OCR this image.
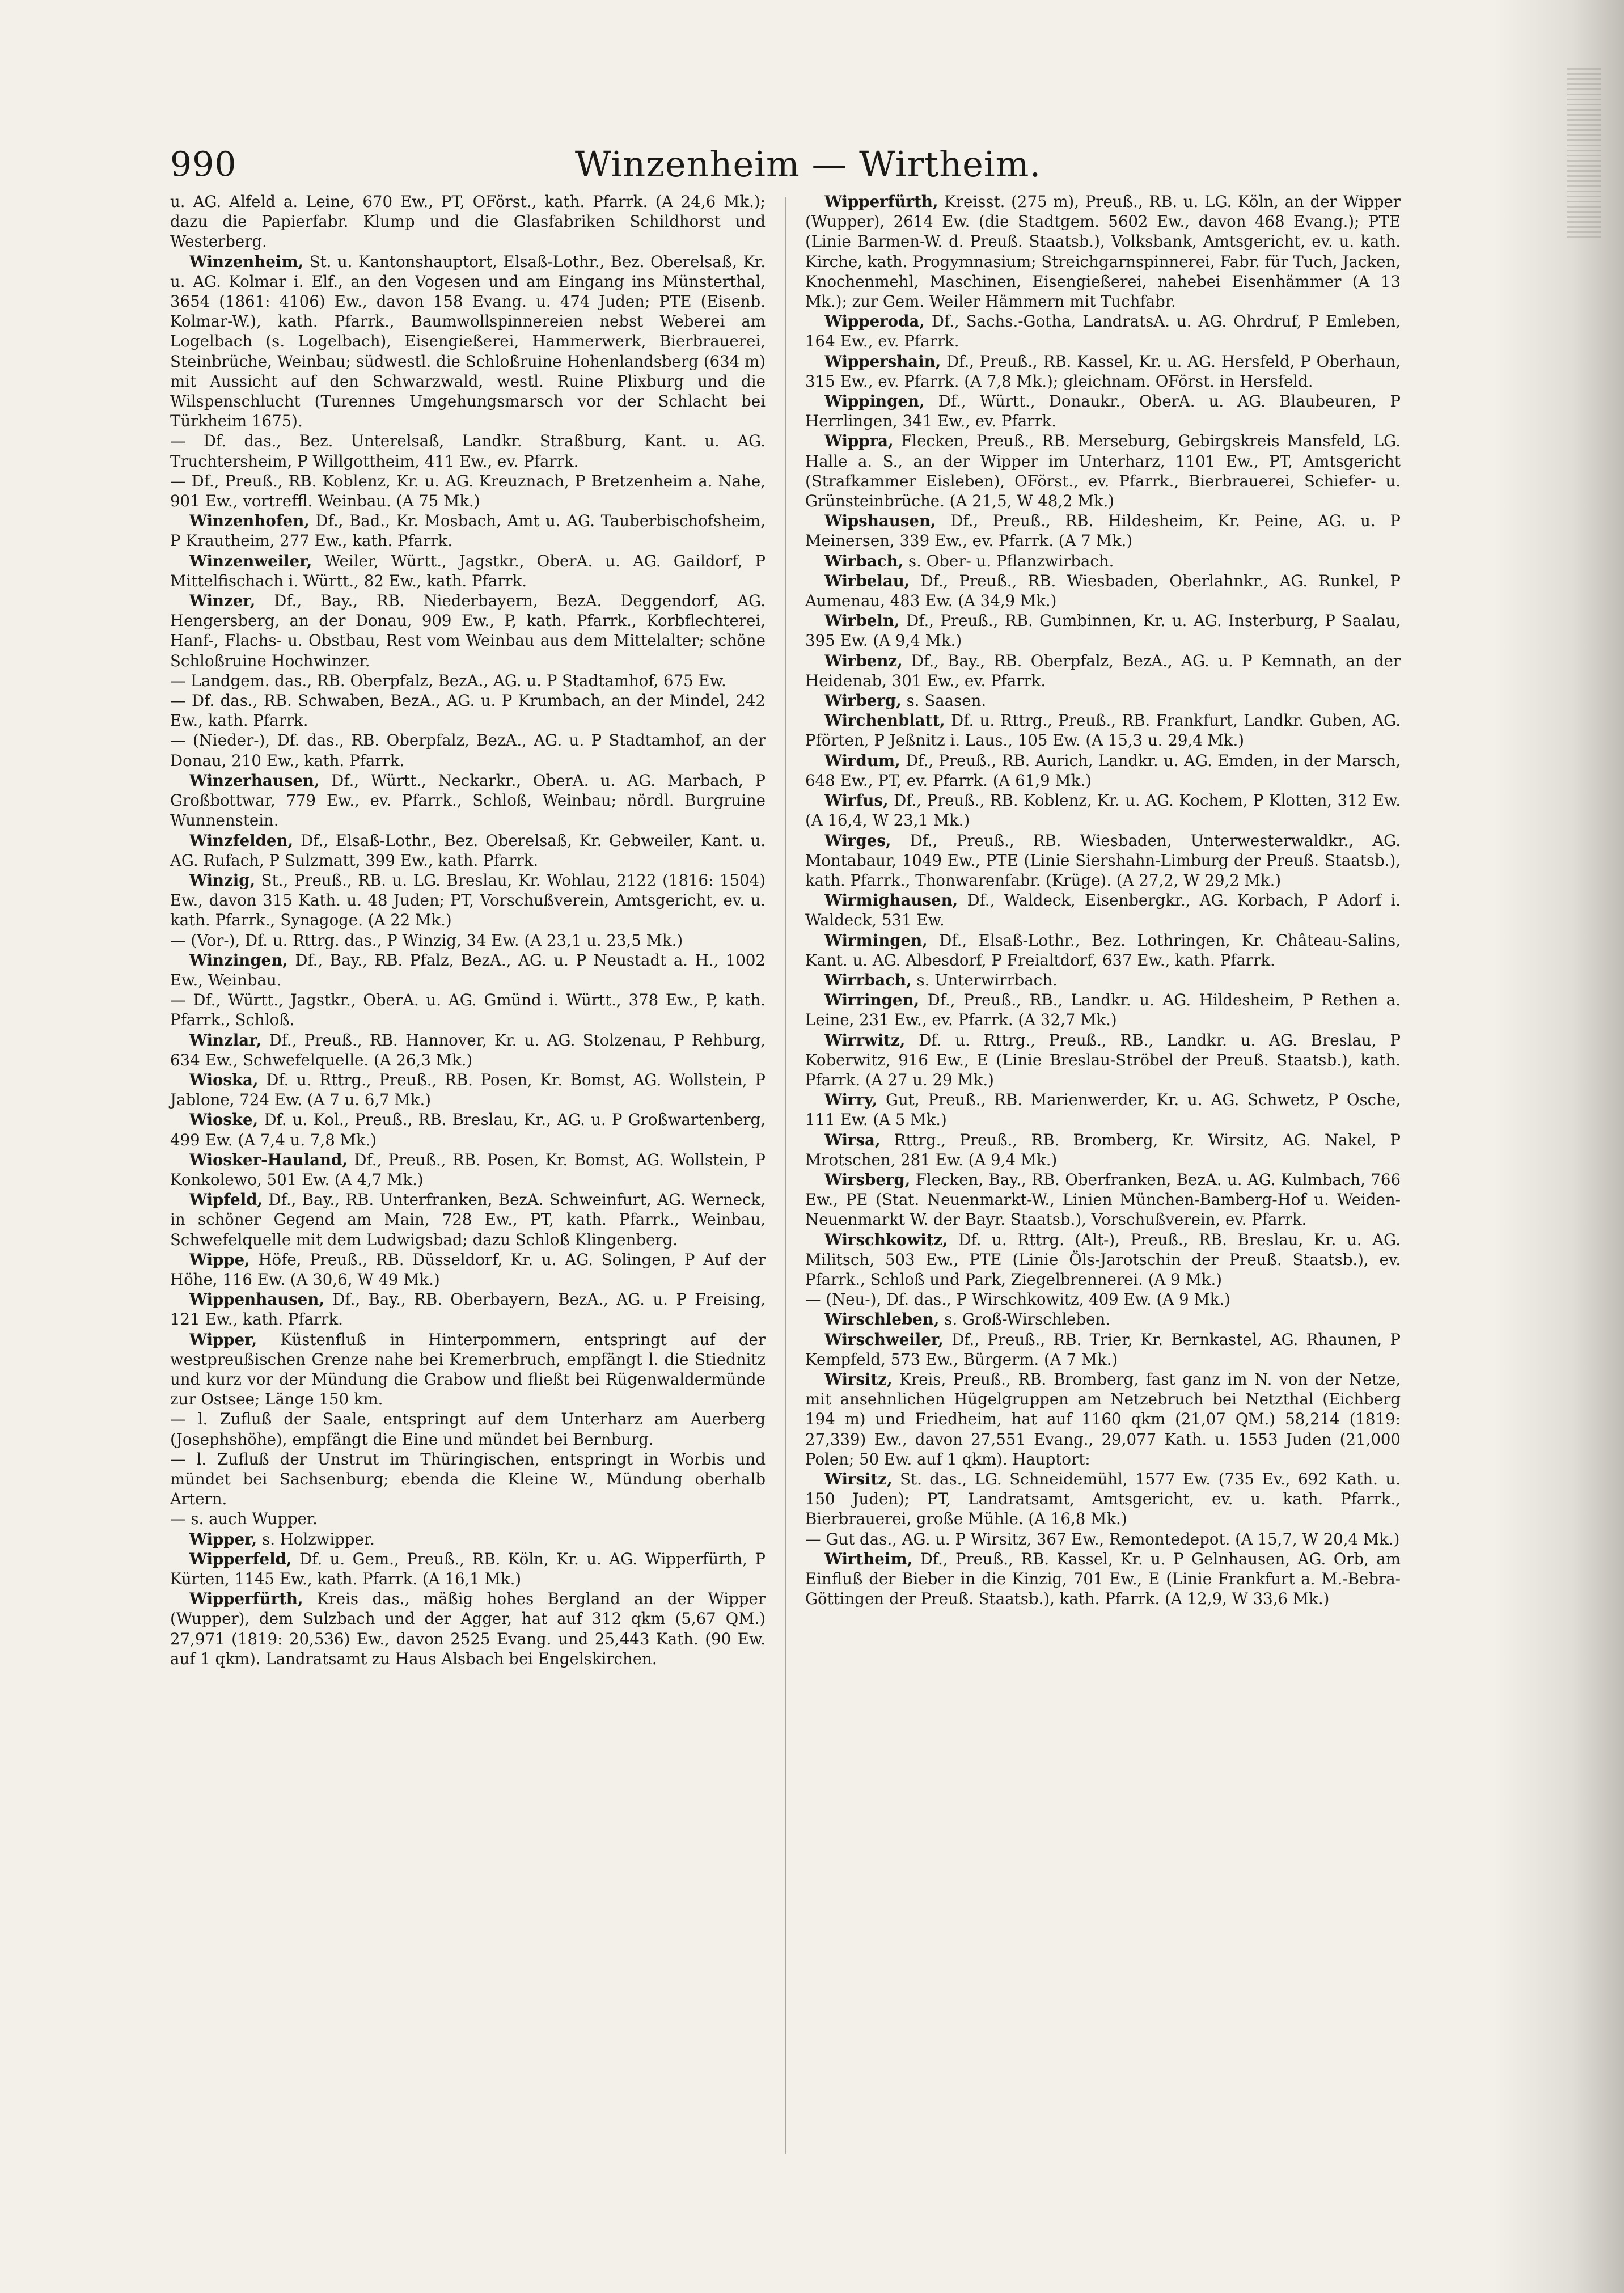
990	Winzenheim — Wirtheim.

u. AG. Alfeld a. Leine, 670 Ew., PT, OFörst., kath. Pfarrk. (A 24,6 Mk.); dazu die Papierfabr. Klump und die Glasfabriken Schildhorst und Westerberg.

Winzenheim, St. u. Kantonshauptort, Elsaß-Lothr., Bez. Oberelsaß, Kr. u. AG. Kolmar i. Elf., an den Vogesen und am Eingang ins Münsterthal, 3654 (1861: 4106) Ew., davon 158 Evang. u. 474 Juden; PTE (Eisenb. Kolmar-W.), kath. Pfarrk., Baumwollspinnereien nebst Weberei am Logelbach (s. Logelbach), Eisengießerei, Hammerwerk, Bierbrauerei, Steinbrüche, Weinbau; südwestl. die Schloßruine Hohenlandsberg (634 m) mit Aussicht auf den Schwarzwald, westl. Ruine Plixburg und die Wilspenschlucht (Turennes Umgehungsmarsch vor der Schlacht bei Türkheim 1675).

— Df. das., Bez. Unterelsaß, Landkr. Straßburg, Kant. u. AG. Truchtersheim, P Willgottheim, 411 Ew., ev. Pfarrk.

— Df., Preuß., RB. Koblenz, Kr. u. AG. Kreuznach, P Bretzenheim a. Nahe, 901 Ew., vortreffl. Weinbau. (A 75 Mk.)

Winzenhofen, Df., Bad., Kr. Mosbach, Amt u. AG. Tauberbischofsheim, P Krautheim, 277 Ew., kath. Pfarrk.

Winzenweiler, Weiler, Württ., Jagstkr., OberA. u. AG. Gaildorf, P Mittelfischach i. Württ., 82 Ew., kath. Pfarrk.

Winzer, Df., Bay., RB. Niederbayern, BezA. Deggendorf, AG. Hengersberg, an der Donau, 909 Ew., P, kath. Pfarrk., Korbflechterei, Hanf-, Flachs- u. Obstbau, Rest vom Weinbau aus dem Mittelalter; schöne Schloßruine Hochwinzer.

— Landgem. das., RB. Oberpfalz, BezA., AG. u. P Stadtamhof, 675 Ew.

— Df. das., RB. Schwaben, BezA., AG. u. P Krumbach, an der Mindel, 242 Ew., kath. Pfarrk.

— (Nieder-), Df. das., RB. Oberpfalz, BezA., AG. u. P Stadtamhof, an der Donau, 210 Ew., kath. Pfarrk.

Winzerhausen, Df., Württ., Neckarkr., OberA. u. AG. Marbach, P Großbottwar, 779 Ew., ev. Pfarrk., Schloß, Weinbau; nördl. Burgruine Wunnenstein.

Winzfelden, Df., Elsaß-Lothr., Bez. Oberelsaß, Kr. Gebweiler, Kant. u. AG. Rufach, P Sulzmatt, 399 Ew., kath. Pfarrk.

Winzig, St., Preuß., RB. u. LG. Breslau, Kr. Wohlau, 2122 (1816: 1504) Ew., davon 315 Kath. u. 48 Juden; PT, Vorschußverein, Amtsgericht, ev. u. kath. Pfarrk., Synagoge. (A 22 Mk.)

— (Vor-), Df. u. Rttrg. das., P Winzig, 34 Ew. (A 23,1 u. 23,5 Mk.)

Winzingen, Df., Bay., RB. Pfalz, BezA., AG. u. P Neustadt a. H., 1002 Ew., Weinbau.

— Df., Württ., Jagstkr., OberA. u. AG. Gmünd i. Württ., 378 Ew., P, kath. Pfarrk., Schloß.

Winzlar, Df., Preuß., RB. Hannover, Kr. u. AG. Stolzenau, P Rehburg, 634 Ew., Schwefelquelle. (A 26,3 Mk.)

Wioska, Df. u. Rttrg., Preuß., RB. Posen, Kr. Bomst, AG. Wollstein, P Jablone, 724 Ew. (A 7 u. 6,7 Mk.)

Wioske, Df. u. Kol., Preuß., RB. Breslau, Kr., AG. u. P Großwartenberg, 499 Ew. (A 7,4 u. 7,8 Mk.)

Wiosker-Hauland, Df., Preuß., RB. Posen, Kr. Bomst, AG. Wollstein, P Konkolewo, 501 Ew. (A 4,7 Mk.)

Wipfeld, Df., Bay., RB. Unterfranken, BezA. Schweinfurt, AG. Werneck, in schöner Gegend am Main, 728 Ew., PT, kath. Pfarrk., Weinbau, Schwefelquelle mit dem Ludwigsbad; dazu Schloß Klingenberg.

Wippe, Höfe, Preuß., RB. Düsseldorf, Kr. u. AG. Solingen, P Auf der Höhe, 116 Ew. (A 30,6, W 49 Mk.)

Wippenhausen, Df., Bay., RB. Oberbayern, BezA., AG. u. P Freising, 121 Ew., kath. Pfarrk.

Wipper, Küstenfluß in Hinterpommern, entspringt auf der westpreußischen Grenze nahe bei Kremerbruch, empfängt l. die Stiednitz und kurz vor der Mündung die Grabow und fließt bei Rügenwaldermünde zur Ostsee; Länge 150 km.

— l. Zufluß der Saale, entspringt auf dem Unterharz am Auerberg (Josephshöhe), empfängt die Eine und mündet bei Bernburg.

— l. Zufluß der Unstrut im Thüringischen, entspringt in Worbis und mündet bei Sachsenburg; ebenda die Kleine W., Mündung oberhalb Artern.

— s. auch Wupper.

Wipper, s. Holzwipper.

Wipperfeld, Df. u. Gem., Preuß., RB. Köln, Kr. u. AG. Wipperfürth, P Kürten, 1145 Ew., kath. Pfarrk. (A 16,1 Mk.)

Wipperfürth, Kreis das., mäßig hohes Bergland an der Wipper (Wupper), dem Sulzbach und der Agger, hat auf 312 qkm (5,67 QM.) 27,971 (1819: 20,536) Ew., davon 2525 Evang. und 25,443 Kath. (90 Ew. auf 1 qkm). Landratsamt zu Haus Alsbach bei Engelskirchen.

Wipperfürth, Kreisst. (275 m), Preuß., RB. u. LG. Köln, an der Wipper (Wupper), 2614 Ew. (die Stadtgem. 5602 Ew., davon 468 Evang.); PTE (Linie Barmen-W. d. Preuß. Staatsb.), Volksbank, Amtsgericht, ev. u. kath. Kirche, kath. Progymnasium; Streichgarnspinnerei, Fabr. für Tuch, Jacken, Knochenmehl, Maschinen, Eisengießerei, nahebei Eisenhämmer (A 13 Mk.); zur Gem. Weiler Hämmern mit Tuchfabr.

Wipperoda, Df., Sachs.-Gotha, LandratsA. u. AG. Ohrdruf, P Emleben, 164 Ew., ev. Pfarrk.

Wippershain, Df., Preuß., RB. Kassel, Kr. u. AG. Hersfeld, P Oberhaun, 315 Ew., ev. Pfarrk. (A 7,8 Mk.); gleichnam. OFörst. in Hersfeld.

Wippingen, Df., Württ., Donaukr., OberA. u. AG. Blaubeuren, P Herrlingen, 341 Ew., ev. Pfarrk.

Wippra, Flecken, Preuß., RB. Merseburg, Gebirgskreis Mansfeld, LG. Halle a. S., an der Wipper im Unterharz, 1101 Ew., PT, Amtsgericht (Strafkammer Eisleben), OFörst., ev. Pfarrk., Bierbrauerei, Schiefer- u. Grünsteinbrüche. (A 21,5, W 48,2 Mk.)

Wipshausen, Df., Preuß., RB. Hildesheim, Kr. Peine, AG. u. P Meinersen, 339 Ew., ev. Pfarrk. (A 7 Mk.)

Wirbach, s. Ober- u. Pflanzwirbach.

Wirbelau, Df., Preuß., RB. Wiesbaden, Oberlahnkr., AG. Runkel, P Aumenau, 483 Ew. (A 34,9 Mk.)

Wirbeln, Df., Preuß., RB. Gumbinnen, Kr. u. AG. Insterburg, P Saalau, 395 Ew. (A 9,4 Mk.)

Wirbenz, Df., Bay., RB. Oberpfalz, BezA., AG. u. P Kemnath, an der Heidenab, 301 Ew., ev. Pfarrk.

Wirberg, s. Saasen.

Wirchenblatt, Df. u. Rttrg., Preuß., RB. Frankfurt, Landkr. Guben, AG. Pförten, P Jeßnitz i. Laus., 105 Ew. (A 15,3 u. 29,4 Mk.)

Wirdum, Df., Preuß., RB. Aurich, Landkr. u. AG. Emden, in der Marsch, 648 Ew., PT, ev. Pfarrk. (A 61,9 Mk.)

Wirfus, Df., Preuß., RB. Koblenz, Kr. u. AG. Kochem, P Klotten, 312 Ew. (A 16,4, W 23,1 Mk.)

Wirges, Df., Preuß., RB. Wiesbaden, Unterwesterwaldkr., AG. Montabaur, 1049 Ew., PTE (Linie Siershahn-Limburg der Preuß. Staatsb.), kath. Pfarrk., Thonwarenfabr. (Krüge). (A 27,2, W 29,2 Mk.)

Wirmighausen, Df., Waldeck, Eisenbergkr., AG. Korbach, P Adorf i. Waldeck, 531 Ew.

Wirmingen, Df., Elsaß-Lothr., Bez. Lothringen, Kr. Château-Salins, Kant. u. AG. Albesdorf, P Freialtdorf, 637 Ew., kath. Pfarrk.

Wirrbach, s. Unterwirrbach.

Wirringen, Df., Preuß., RB., Landkr. u. AG. Hildesheim, P Rethen a. Leine, 231 Ew., ev. Pfarrk. (A 32,7 Mk.)

Wirrwitz, Df. u. Rttrg., Preuß., RB., Landkr. u. AG. Breslau, P Koberwitz, 916 Ew., E (Linie Breslau-Ströbel der Preuß. Staatsb.), kath. Pfarrk. (A 27 u. 29 Mk.)

Wirry, Gut, Preuß., RB. Marienwerder, Kr. u. AG. Schwetz, P Osche, 111 Ew. (A 5 Mk.)

Wirsa, Rttrg., Preuß., RB. Bromberg, Kr. Wirsitz, AG. Nakel, P Mrotschen, 281 Ew. (A 9,4 Mk.)

Wirsberg, Flecken, Bay., RB. Oberfranken, BezA. u. AG. Kulmbach, 766 Ew., PE (Stat. Neuenmarkt-W., Linien München-Bamberg-Hof u. Weiden-Neuenmarkt W. der Bayr. Staatsb.), Vorschußverein, ev. Pfarrk.

Wirschkowitz, Df. u. Rttrg. (Alt-), Preuß., RB. Breslau, Kr. u. AG. Militsch, 503 Ew., PTE (Linie Öls-Jarotschin der Preuß. Staatsb.), ev. Pfarrk., Schloß und Park, Ziegelbrennerei. (A 9 Mk.)

— (Neu-), Df. das., P Wirschkowitz, 409 Ew. (A 9 Mk.)

Wirschleben, s. Groß-Wirschleben.

Wirschweiler, Df., Preuß., RB. Trier, Kr. Bernkastel, AG. Rhaunen, P Kempfeld, 573 Ew., Bürgerm. (A 7 Mk.)

Wirsitz, Kreis, Preuß., RB. Bromberg, fast ganz im N. von der Netze, mit ansehnlichen Hügelgruppen am Netzebruch bei Netzthal (Eichberg 194 m) und Friedheim, hat auf 1160 qkm (21,07 QM.) 58,214 (1819: 27,339) Ew., davon 27,551 Evang., 29,077 Kath. u. 1553 Juden (21,000 Polen; 50 Ew. auf 1 qkm). Hauptort:

Wirsitz, St. das., LG. Schneidemühl, 1577 Ew. (735 Ev., 692 Kath. u. 150 Juden); PT, Landratsamt, Amtsgericht, ev. u. kath. Pfarrk., Bierbrauerei, große Mühle. (A 16,8 Mk.)

— Gut das., AG. u. P Wirsitz, 367 Ew., Remontedepot. (A 15,7, W 20,4 Mk.)

Wirtheim, Df., Preuß., RB. Kassel, Kr. u. P Gelnhausen, AG. Orb, am Einfluß der Bieber in die Kinzig, 701 Ew., E (Linie Frankfurt a. M.-Bebra-Göttingen der Preuß. Staatsb.), kath. Pfarrk. (A 12,9, W 33,6 Mk.)
